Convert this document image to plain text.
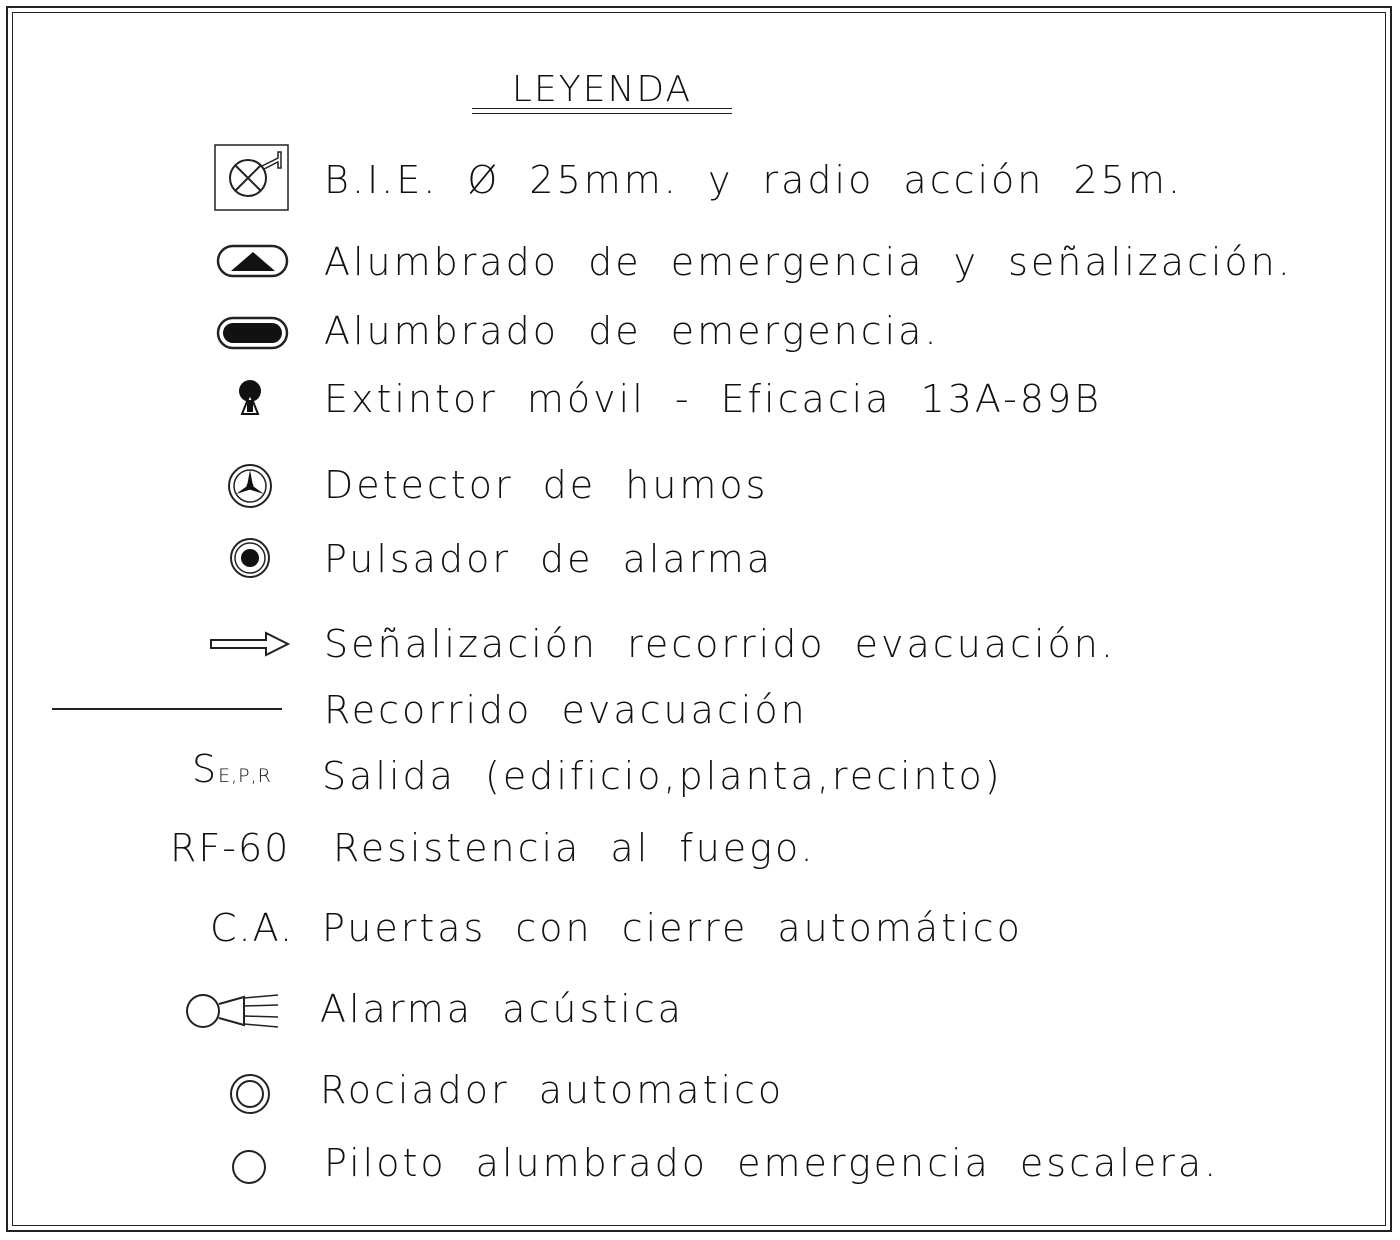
LEYENDA
B.I.E. Ø 25mm. y radio acción 25m.
Alumbrado de emergencia y señalización.
Alumbrado de emergencia.
Extintor móvil - Eficacia 13A-89B
Detector de humos
Pulsador de alarma
Señalización recorrido evacuación.
Recorrido evacuación
SE,P,R Salida (edificio,planta,recinto)
RF-60 Resistencia al fuego.
C.A. Puertas con cierre automático
Alarma acústica
Rociador automatico
Piloto alumbrado emergencia escalera.
